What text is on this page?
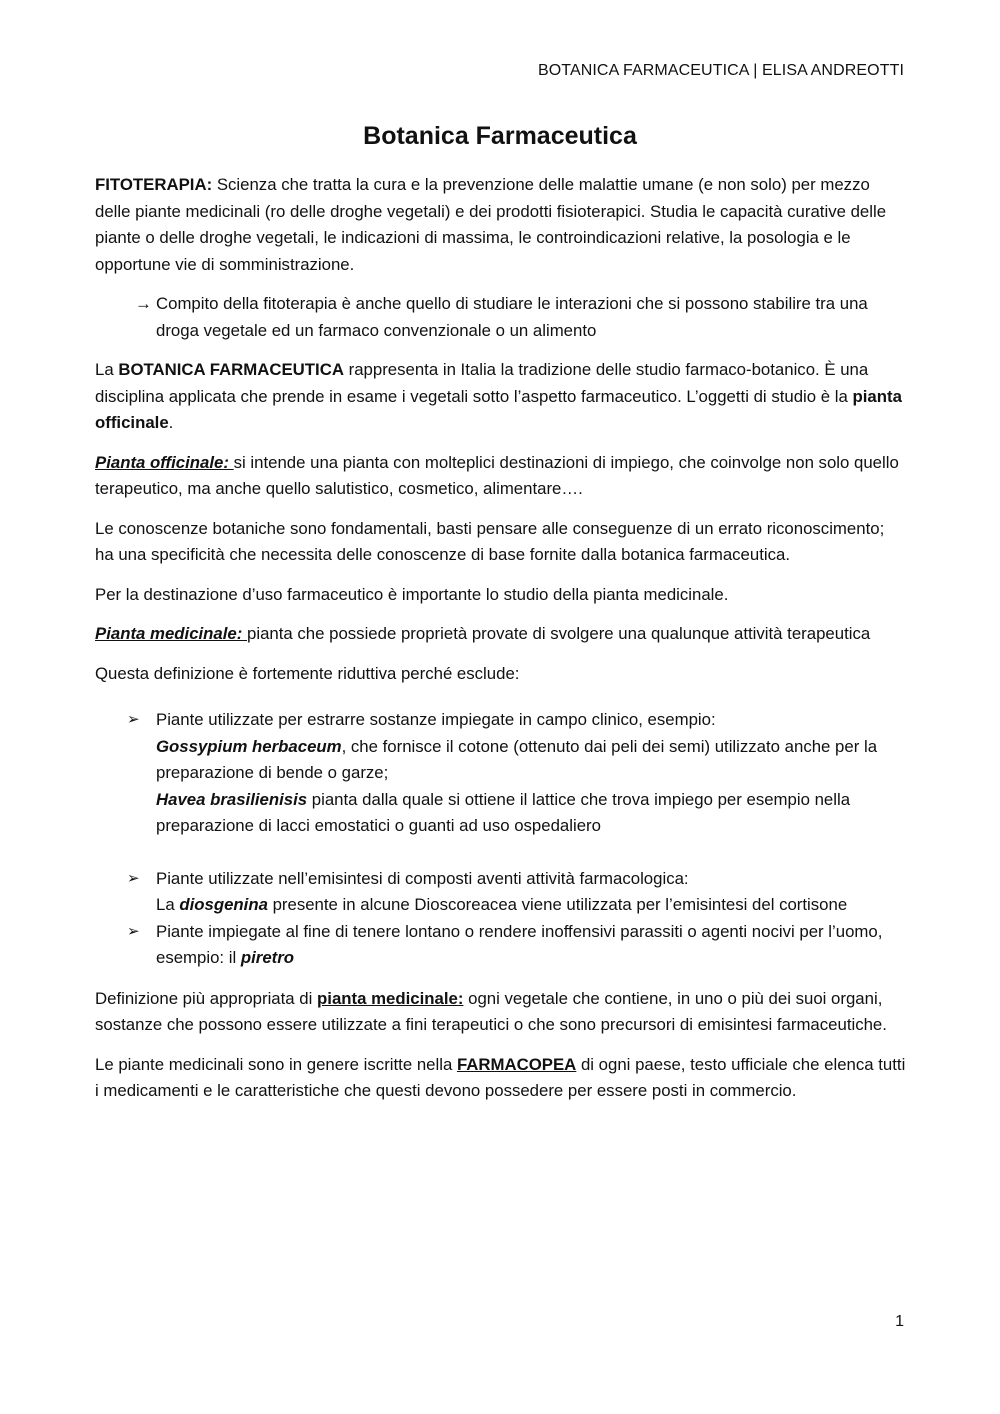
BOTANICA FARMACEUTICA | ELISA ANDREOTTI
Botanica Farmaceutica

FITOTERAPIA: Scienza che tratta la cura e la prevenzione delle malattie umane (e non solo) per mezzo delle piante medicinali (ro delle droghe vegetali) e dei prodotti fisioterapici. Studia le capacità curative delle piante o delle droghe vegetali, le indicazioni di massima, le controindicazioni relative, la posologia e le opportune vie di somministrazione.

→ Compito della fitoterapia è anche quello di studiare le interazioni che si possono stabilire tra una droga vegetale ed un farmaco convenzionale o un alimento

La BOTANICA FARMACEUTICA rappresenta in Italia la tradizione delle studio farmaco-botanico. È una disciplina applicata che prende in esame i vegetali sotto l’aspetto farmaceutico. L’oggetti di studio è la pianta officinale.

Pianta officinale: si intende una pianta con molteplici destinazioni di impiego, che coinvolge non solo quello terapeutico, ma anche quello salutistico, cosmetico, alimentare….

Le conoscenze botaniche sono fondamentali, basti pensare alle conseguenze di un errato riconoscimento; ha una specificità che necessita delle conoscenze di base fornite dalla botanica farmaceutica.

Per la destinazione d’uso farmaceutico è importante lo studio della pianta medicinale.

Pianta medicinale: pianta che possiede proprietà provate di svolgere una qualunque attività terapeutica

Questa definizione è fortemente riduttiva perché esclude:

➢ Piante utilizzate per estrarre sostanze impiegate in campo clinico, esempio:
Gossypium herbaceum, che fornisce il cotone (ottenuto dai peli dei semi) utilizzato anche per la preparazione di bende o garze;
Havea brasilienisis pianta dalla quale si ottiene il lattice che trova impiego per esempio nella preparazione di lacci emostatici o guanti ad uso ospedaliero
➢ Piante utilizzate nell’emisintesi di composti aventi attività farmacologica:
La diosgenina presente in alcune Dioscoreacea viene utilizzata per l’emisintesi del cortisone
➢ Piante impiegate al fine di tenere lontano o rendere inoffensivi parassiti o agenti nocivi per l’uomo, esempio: il piretro

Definizione più appropriata di pianta medicinale: ogni vegetale che contiene, in uno o più dei suoi organi, sostanze che possono essere utilizzate a fini terapeutici o che sono precursori di emisintesi farmaceutiche.

Le piante medicinali sono in genere iscritte nella FARMACOPEA di ogni paese, testo ufficiale che elenca tutti i medicamenti e le caratteristiche che questi devono possedere per essere posti in commercio.

1
